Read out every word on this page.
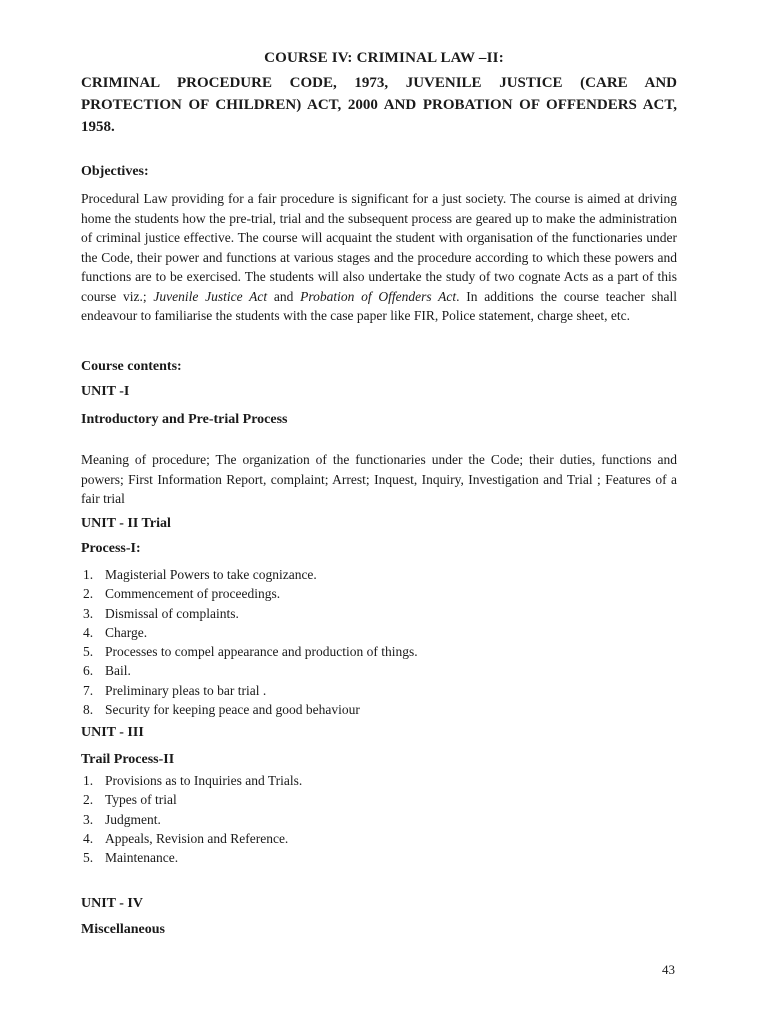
COURSE IV: CRIMINAL LAW –II:
CRIMINAL PROCEDURE CODE, 1973, JUVENILE JUSTICE (CARE AND PROTECTION OF CHILDREN) ACT, 2000 AND PROBATION OF OFFENDERS ACT, 1958.
Objectives:
Procedural Law providing for a fair procedure is significant for a just society. The course is aimed at driving home the students how the pre-trial, trial and the subsequent process are geared up to make the administration of criminal justice effective. The course will acquaint the student with organisation of the functionaries under the Code, their power and functions at various stages and the procedure according to which these powers and functions are to be exercised. The students will also undertake the study of two cognate Acts as a part of this course viz.; Juvenile Justice Act and Probation of Offenders Act. In additions the course teacher shall endeavour to familiarise the students with the case paper like FIR, Police statement, charge sheet, etc.
Course contents:
UNIT -I
Introductory and Pre-trial Process
Meaning of procedure; The organization of the functionaries under the Code; their duties, functions and powers; First Information Report, complaint; Arrest; Inquest, Inquiry, Investigation and Trial ; Features of a fair trial
UNIT - II Trial
Process-I:
1. Magisterial Powers to take cognizance.
2. Commencement of proceedings.
3. Dismissal of complaints.
4. Charge.
5. Processes to compel appearance and production of things.
6. Bail.
7. Preliminary pleas to bar trial .
8. Security for keeping peace and good behaviour
UNIT - III
Trail Process-II
1. Provisions as to Inquiries and Trials.
2. Types of trial
3. Judgment.
4. Appeals, Revision and Reference.
5. Maintenance.
UNIT - IV
Miscellaneous
43
